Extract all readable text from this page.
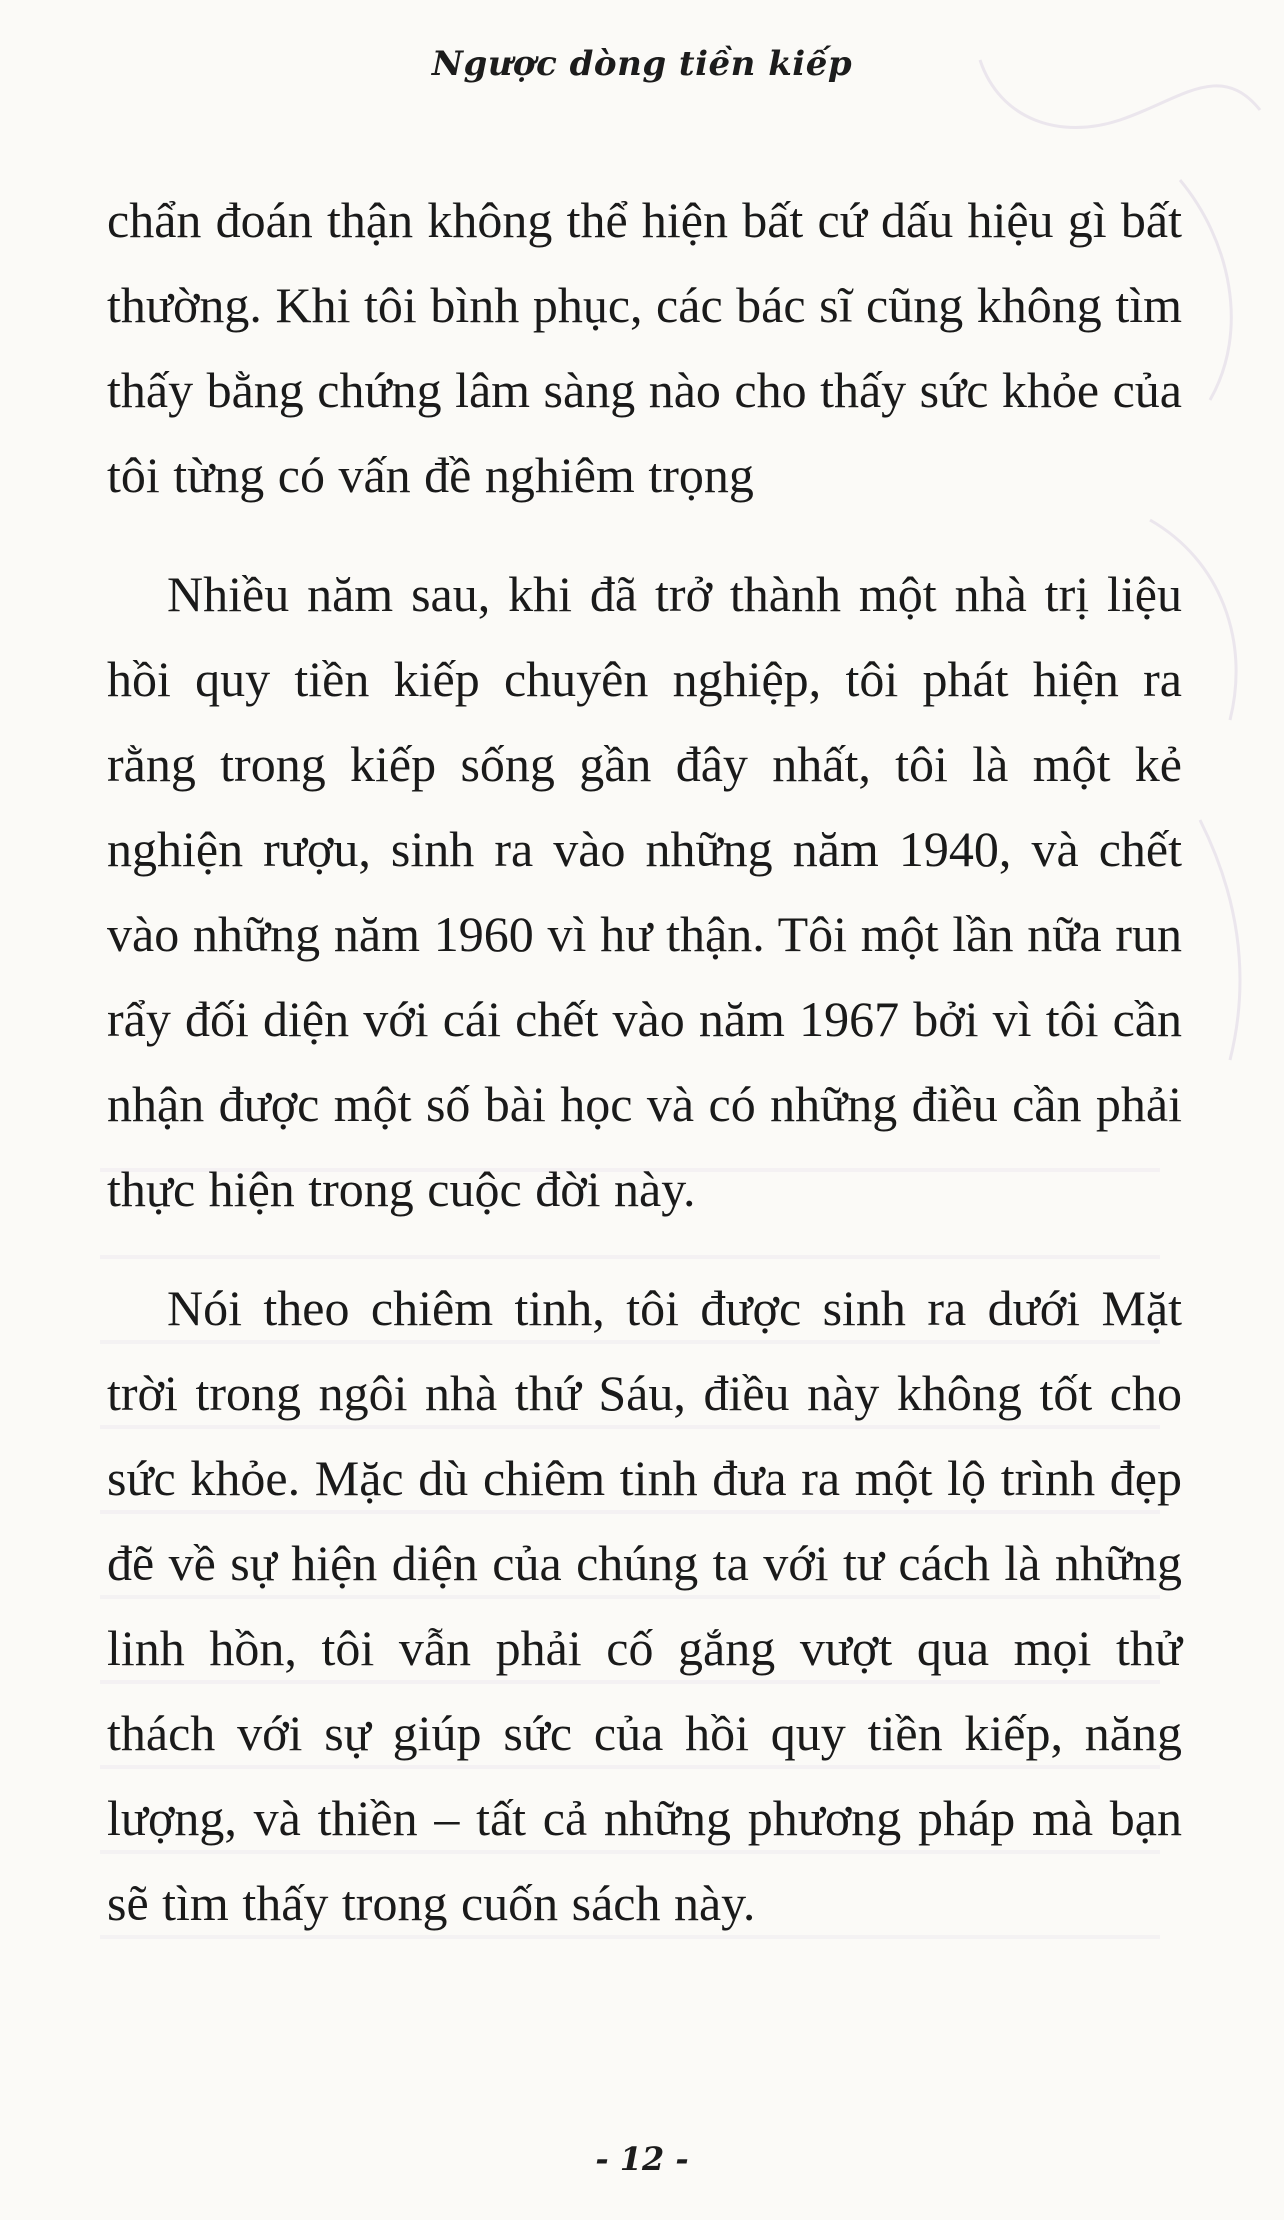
Ngược dòng tiền kiếp

chẩn đoán thận không thể hiện bất cứ dấu hiệu gì bất thường. Khi tôi bình phục, các bác sĩ cũng không tìm thấy bằng chứng lâm sàng nào cho thấy sức khỏe của tôi từng có vấn đề nghiêm trọng

Nhiều năm sau, khi đã trở thành một nhà trị liệu hồi quy tiền kiếp chuyên nghiệp, tôi phát hiện ra rằng trong kiếp sống gần đây nhất, tôi là một kẻ nghiện rượu, sinh ra vào những năm 1940, và chết vào những năm 1960 vì hư thận. Tôi một lần nữa run rẩy đối diện với cái chết vào năm 1967 bởi vì tôi cần nhận được một số bài học và có những điều cần phải thực hiện trong cuộc đời này.

Nói theo chiêm tinh, tôi được sinh ra dưới Mặt trời trong ngôi nhà thứ Sáu, điều này không tốt cho sức khỏe. Mặc dù chiêm tinh đưa ra một lộ trình đẹp đẽ về sự hiện diện của chúng ta với tư cách là những linh hồn, tôi vẫn phải cố gắng vượt qua mọi thử thách với sự giúp sức của hồi quy tiền kiếp, năng lượng, và thiền – tất cả những phương pháp mà bạn sẽ tìm thấy trong cuốn sách này.

- 12 -
